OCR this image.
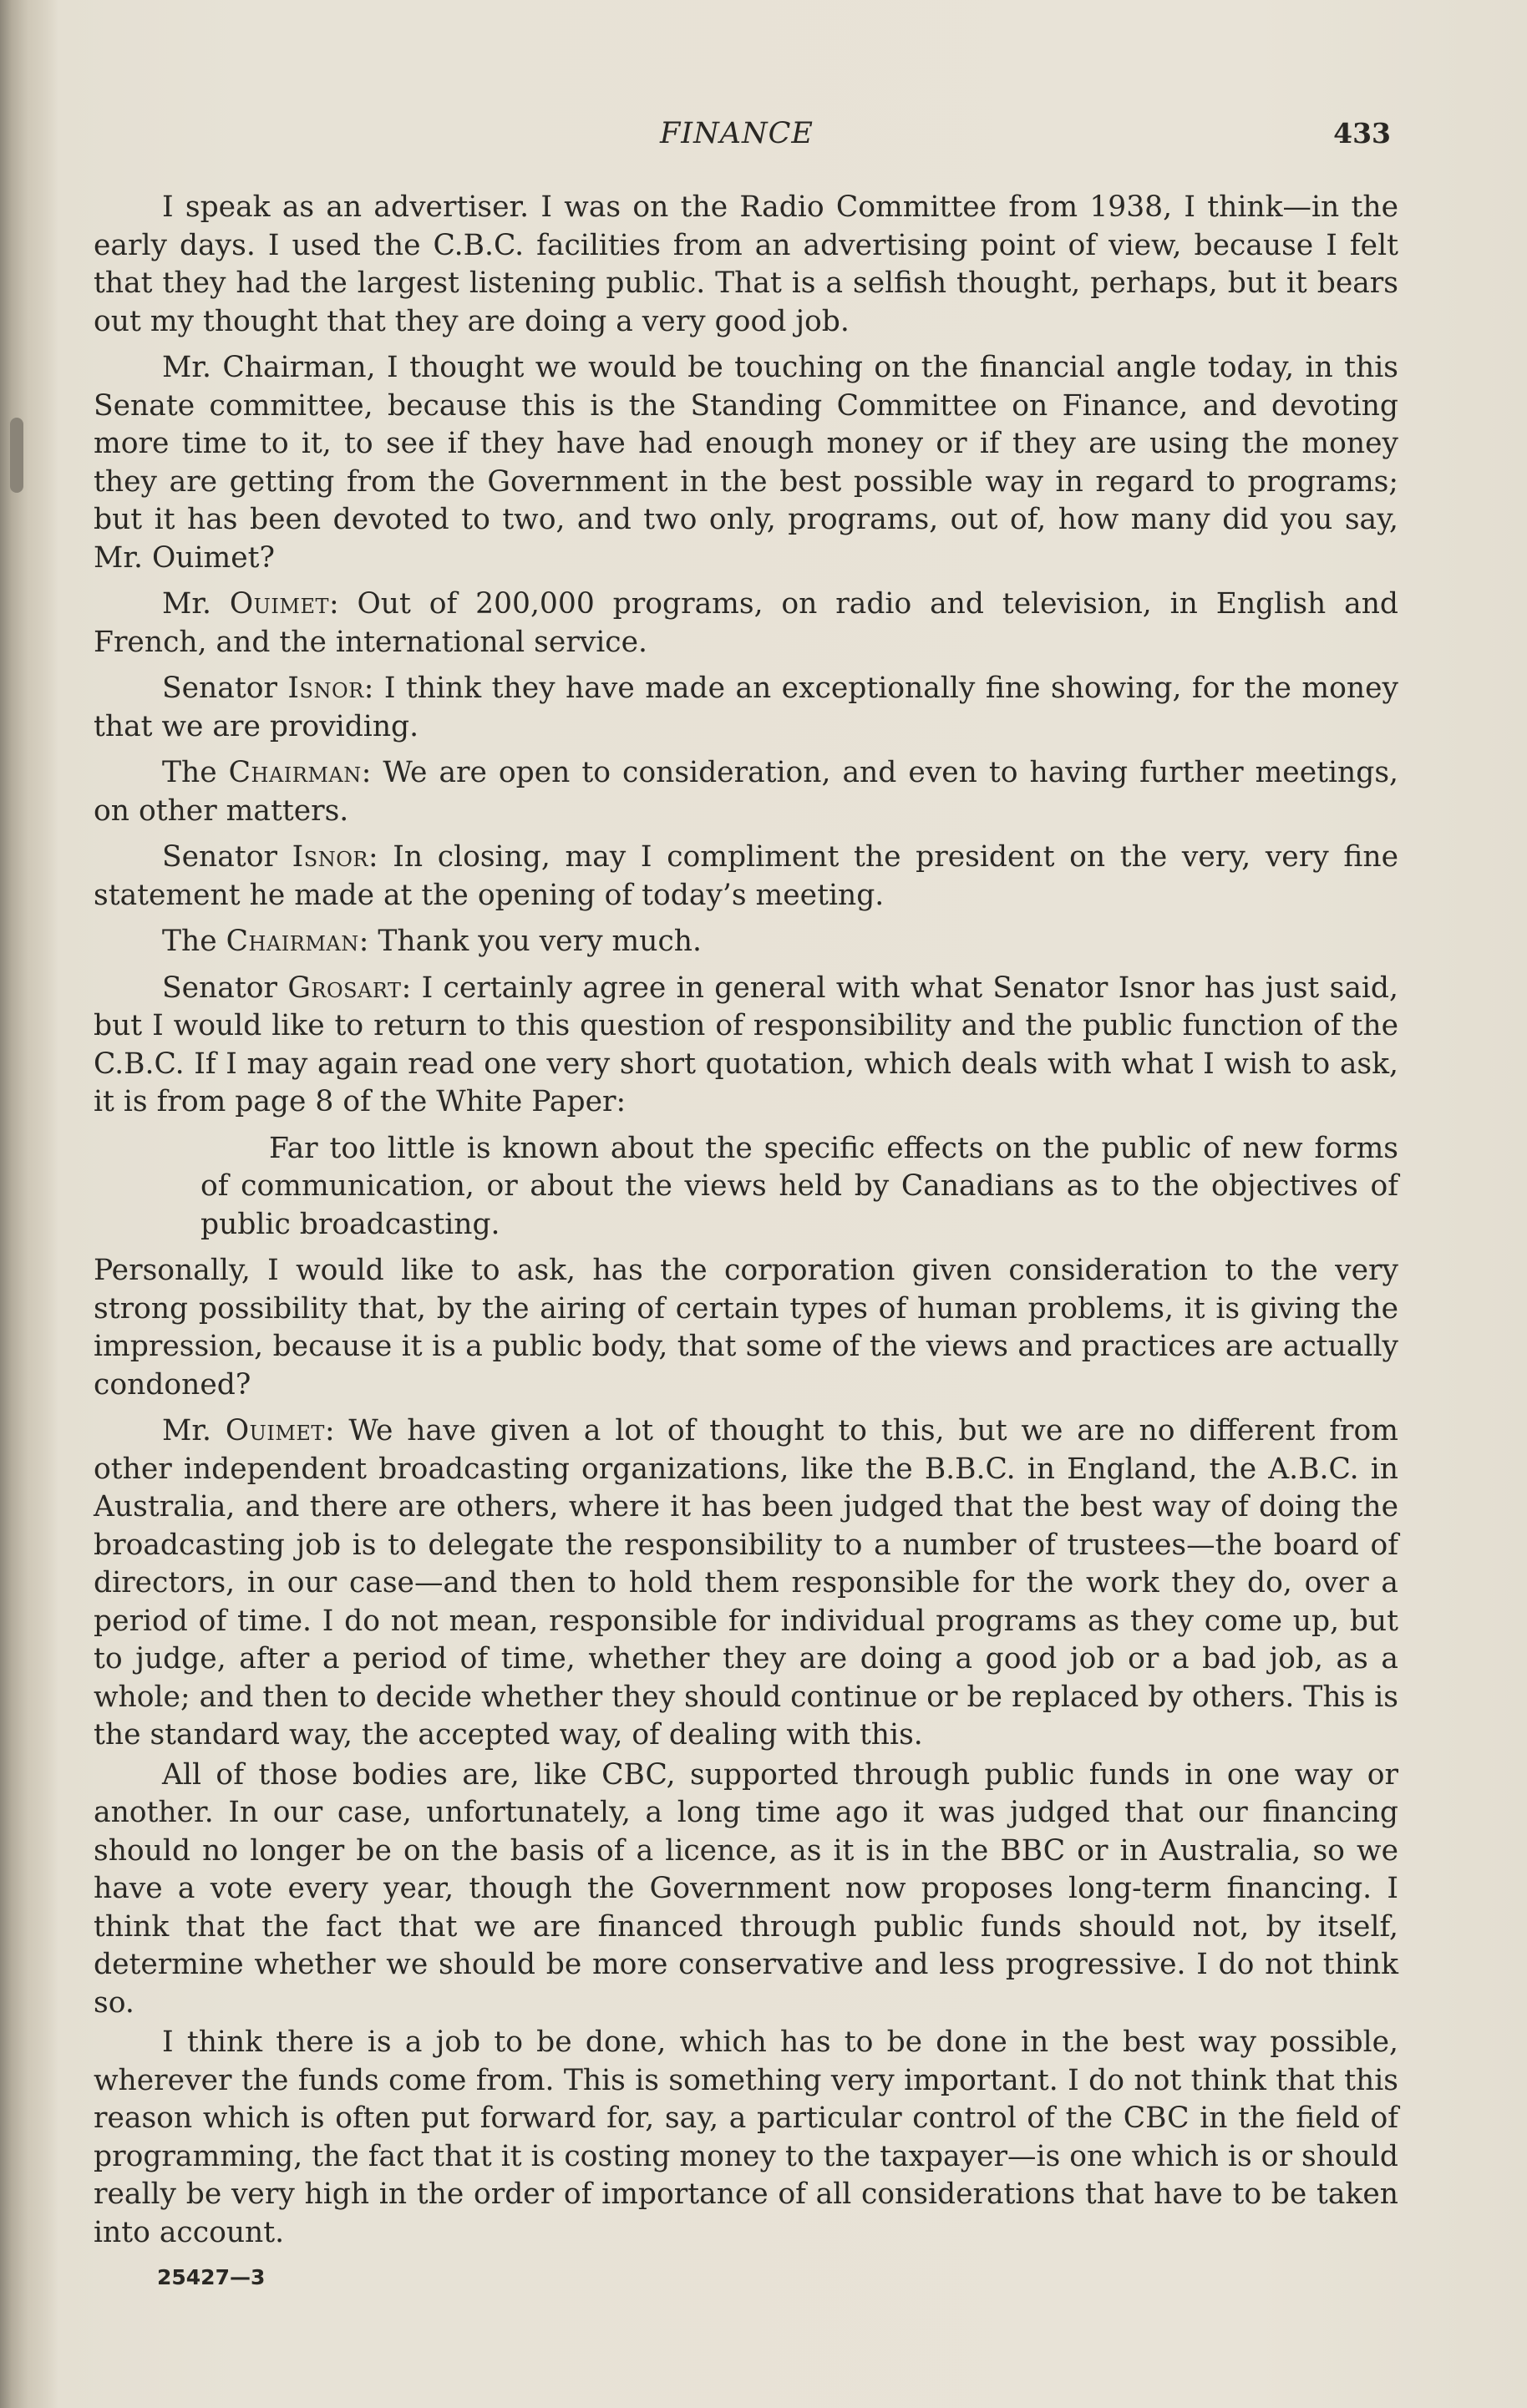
FINANCE	433

I speak as an advertiser. I was on the Radio Committee from 1938, I think—in the early days. I used the C.B.C. facilities from an advertising point of view, because I felt that they had the largest listening public. That is a selfish thought, perhaps, but it bears out my thought that they are doing a very good job.

Mr. Chairman, I thought we would be touching on the financial angle today, in this Senate committee, because this is the Standing Committee on Finance, and devoting more time to it, to see if they have had enough money or if they are using the money they are getting from the Government in the best possible way in regard to programs; but it has been devoted to two, and two only, programs, out of, how many did you say, Mr. Ouimet?

Mr. Ouimet: Out of 200,000 programs, on radio and television, in English and French, and the international service.

Senator Isnor: I think they have made an exceptionally fine showing, for the money that we are providing.

The Chairman: We are open to consideration, and even to having further meetings, on other matters.

Senator Isnor: In closing, may I compliment the president on the very, very fine statement he made at the opening of today’s meeting.

The Chairman: Thank you very much.

Senator Grosart: I certainly agree in general with what Senator Isnor has just said, but I would like to return to this question of responsibility and the public function of the C.B.C. If I may again read one very short quotation, which deals with what I wish to ask, it is from page 8 of the White Paper:

Far too little is known about the specific effects on the public of new forms of communication, or about the views held by Canadians as to the objectives of public broadcasting.

Personally, I would like to ask, has the corporation given consideration to the very strong possibility that, by the airing of certain types of human problems, it is giving the impression, because it is a public body, that some of the views and practices are actually condoned?

Mr. Ouimet: We have given a lot of thought to this, but we are no different from other independent broadcasting organizations, like the B.B.C. in England, the A.B.C. in Australia, and there are others, where it has been judged that the best way of doing the broadcasting job is to delegate the responsibility to a number of trustees—the board of directors, in our case—and then to hold them responsible for the work they do, over a period of time. I do not mean, responsible for individual programs as they come up, but to judge, after a period of time, whether they are doing a good job or a bad job, as a whole; and then to decide whether they should continue or be replaced by others. This is the standard way, the accepted way, of dealing with this.

All of those bodies are, like CBC, supported through public funds in one way or another. In our case, unfortunately, a long time ago it was judged that our financing should no longer be on the basis of a licence, as it is in the BBC or in Australia, so we have a vote every year, though the Government now proposes long-term financing. I think that the fact that we are financed through public funds should not, by itself, determine whether we should be more conservative and less progressive. I do not think so.

I think there is a job to be done, which has to be done in the best way possible, wherever the funds come from. This is something very important. I do not think that this reason which is often put forward for, say, a particular control of the CBC in the field of programming, the fact that it is costing money to the taxpayer—is one which is or should really be very high in the order of importance of all considerations that have to be taken into account.

25427—3
